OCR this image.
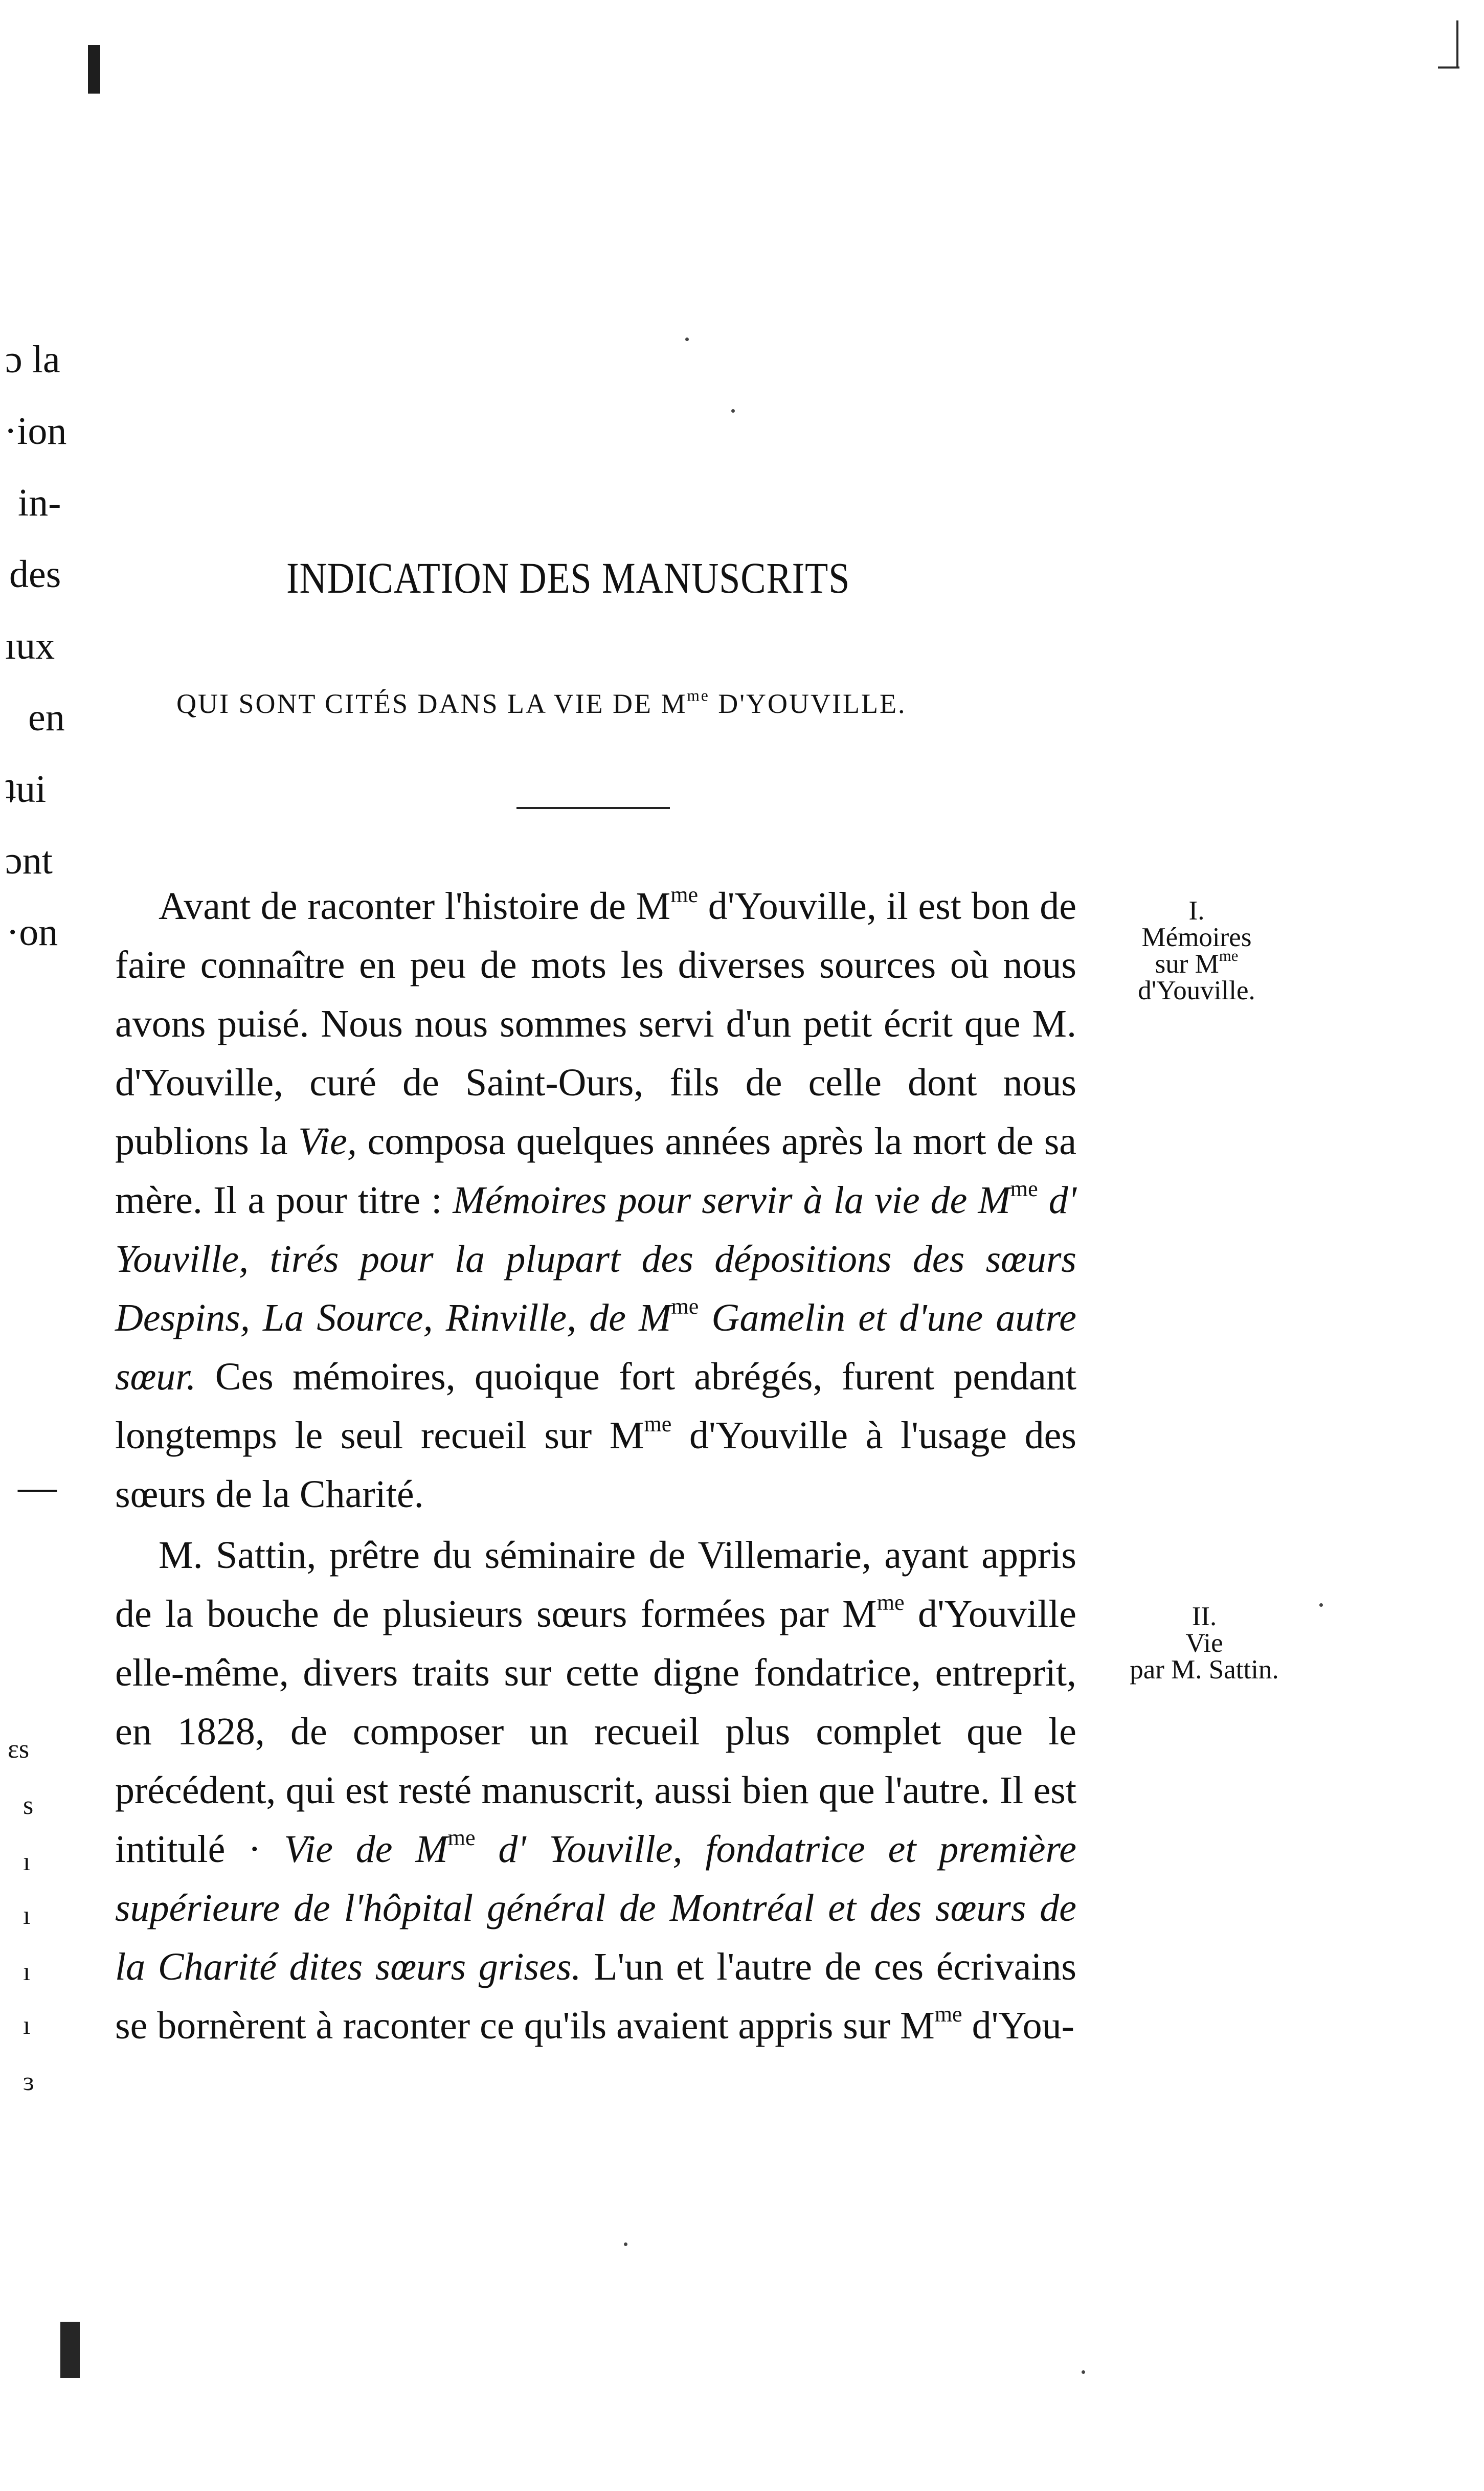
ɔ la
·ion
in-
des
ıux
en
ʇui
ɔnt
·on
—
ɛs
s
ı
ı
ı
ı
ɜ
INDICATION DES MANUSCRITS
QUI SONT CITÉS DANS LA VIE DE $M^{me}$ D'YOUVILLE.

Avant de raconter l'histoire de $M^{me}$ d'Youville, il est bon de faire connaître en peu de mots les diverses sources où nous avons puisé. Nous nous sommes servi d'un petit écrit que M. d'Youville, curé de Saint-Ours, fils de celle dont nous publions la Vie, composa quelques années après la mort de sa mère. Il a pour titre : Mémoires pour servir à la vie de $M^{me}$ d' Youville, tirés pour la plupart des dépositions des sœurs Despins, La Source, Rinville, de $M^{me}$ Gamelin et d'une autre sœur. Ces mémoires, quoique fort abrégés, furent pendant longtemps le seul recueil sur $M^{me}$ d'Youville à l'usage des sœurs de la Charité.

M. Sattin, prêtre du séminaire de Villemarie, ayant appris de la bouche de plusieurs sœurs formées par $M^{me}$ d'Youville elle-même, divers traits sur cette digne fondatrice, entreprit, en 1828, de composer un recueil plus complet que le précédent, qui est resté manuscrit, aussi bien que l'autre. Il est intitulé · Vie de $M^{me}$ d' Youville, fondatrice et première supérieure de l'hôpital général de Montréal et des sœurs de la Charité dites sœurs grises. L'un et l'autre de ces écrivains se bornèrent à raconter ce qu'ils avaient appris sur $M^{me}$ d'You-

I.
Mémoires
sur $M^{me}$
d'Youville.
II.
Vie
par M. Sattin.
